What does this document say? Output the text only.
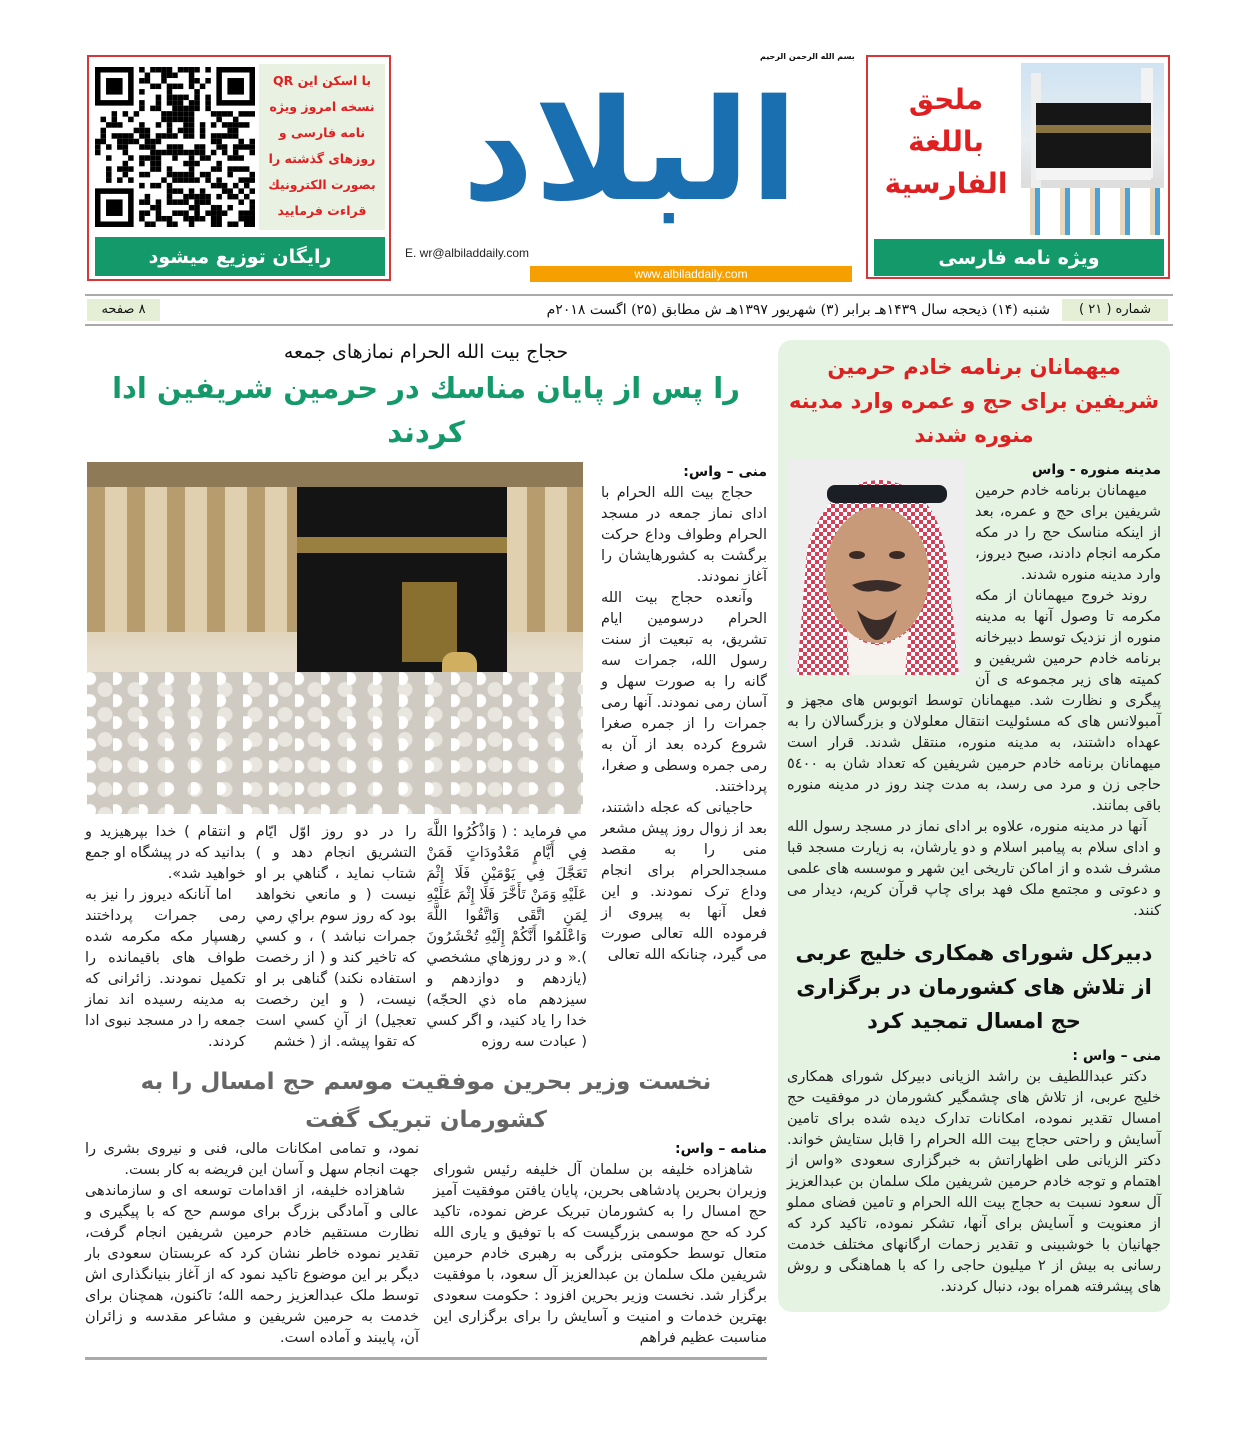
ملحق
باللغة
الفارسية
ویژه نامه فارسی
بسم الله الرحمن الرحيم
البلاد
E. wr@albiladdaily.com
www.albiladdaily.com
با اسکن این QR
نسخه امروز ویژه
نامه فارسی و
روزهای گذشته را
بصورت الکترونیك
قراءت فرمایید
رایگان توزیع میشود
شماره ( ۲۱ )
شنبه (۱۴) ذیحجه سال ۱۴۳۹هـ برابر (۳) شهریور ۱۳۹۷هـ ش مطابق (۲۵) اگست ۲۰۱۸م
۸ صفحه
میهمانان برنامه خادم حرمین شریفین برای حج و عمره وارد مدینه منوره شدند
مدینه منوره - واس

میهمانان برنامه خادم حرمین شریفین برای حج و عمره، بعد از اینکه مناسک حج را در مکه مکرمه انجام دادند، صبح دیروز، وارد مدینه منوره شدند.

روند خروج میهمانان از مکه مکرمه تا وصول آنها به مدینه منوره از نزدیک توسط دبیرخانه برنامه خادم حرمین شریفین و کمیته های زیر مجموعه ی آن پیگری و نظارت شد. میهمانان توسط اتوبوس های مجهز و آمبولانس های که مسئولیت انتقال معلولان و بزرگسالان را به عهداه داشتند، به مدینه منوره، منتقل شدند. قرار است میهمانان برنامه خادم حرمین شریفین که تعداد شان به ٥٤٠٠ حاجی زن و مرد می رسد، به مدت چند روز در مدینه منوره باقی بمانند.

آنها در مدینه منوره، علاوه بر ادای نماز در مسجد رسول الله و ادای سلام به پیامبر اسلام و دو یارشان، به زیارت مسجد قبا مشرف شده و از اماکن تاریخی این شهر و موسسه های علمی و دعوتی و مجتمع ملک فهد برای چاپ قرآن کریم، دیدار می کنند.

دبیرکل شورای همکاری خلیج عربی از تلاش های کشورمان در برگزاری حج امسال تمجید کرد
منی – واس :

دکتر عبداللطیف بن راشد الزیانی دبیرکل شورای همکاری خلیج عربی، از تلاش های چشمگیر کشورمان در موفقیت حج امسال تقدیر نموده، امکانات تدارک دیده شده برای تامین آسایش و راحتی حجاج بیت الله الحرام را قابل ستایش خواند. دکتر الزیانی طی اظهاراتش به خبرگزاری سعودی «واس از اهتمام و توجه خادم حرمین شریفین ملک سلمان بن عبدالعزیز آل سعود نسبت به حجاج بیت الله الحرام و تامین فضای مملو از معنویت و آسایش برای آنها، تشکر نموده، تاکید کرد که جهانیان با خوشبینی و تقدیر زحمات ارگانهای مختلف خدمت رسانی به بیش از ۲ میلیون حاجی را که با هماهنگی و روش های پیشرفته همراه بود، دنبال کردند.

حجاج بیت الله الحرام نمازهای جمعه
را پس از پایان مناسك در حرمین شریفین ادا کردند
منی – واس:

حجاج بیت الله الحرام با ادای نماز جمعه در مسجد الحرام وطواف وداع حرکت برگشت به کشورهایشان را آغاز نمودند.

وآنعده حجاج بیت الله الحرام درسومین ایام تشریق، به تبعیت از سنت رسول الله، جمرات سه گانه را به صورت سهل و آسان رمی نمودند. آنها رمی جمرات را از جمره صغرا شروع کرده بعد از آن به رمی جمره وسطی و صغرا، پرداختند.

حاجیانی که عجله داشتند، بعد از زوال روز پیش مشعر منی را به مقصد مسجدالحرام برای انجام وداع ترک نمودند. و این فعل آنها به پیروی از فرموده الله تعالی صورت می گیرد، چنانکه الله تعالی

مي فرمايد : ( وَاذْكُرُوا اللَّهَ فِي أَيَّامٍ مَعْدُودَاتٍ فَمَنْ تَعَجَّلَ فِي يَوْمَيْنِ فَلَا إِثْمَ عَلَيْهِ وَمَنْ تَأَخَّرَ فَلَا إِثْمَ عَلَيْهِ لِمَنِ اتَّقَى وَاتَّقُوا اللَّهَ وَاعْلَمُوا أَنَّكُمْ إِلَيْهِ تُحْشَرُونَ ).« و در روزهاي مشخصي (يازدهم و دوازدهم و سيزدهم ماه ذي الحجّه) خدا را ياد كنيد، و اگر كسي ( عبادت سه روزه
را در دو روز اوّل ايّام التشريق انجام دهد و ) شتاب نمايد ، گناهي بر او نيست ( و مانعي نخواهد بود كه روز سوم براي رمي جمرات نباشد ) ، و كسي كه تاخير كند و ( از رخصت استفاده نكند) گناهی بر او نيست، ( و اين رخصت تعجيل) از آنِ كسي است كه تقوا پيشه. از ( خشم
و انتقام ) خدا بپرهيزيد و بدانيد كه در پيشگاه او جمع خواهيد شد».

اما آنانکه دیروز را نیز به رمی جمرات پرداختند رهسپار مکه مکرمه شده طواف های باقیمانده را تکمیل نمودند. زائرانی که به مدینه رسیده اند نماز جمعه را در مسجد نبوی ادا کردند.

نخست وزیر بحرین موفقیت موسم حج امسال را به کشورمان تبریک گفت
منامه – واس:

شاهزاده خلیفه بن سلمان آل خلیفه رئیس شورای وزیران بحرین پادشاهی بحرین، پایان یافتن موفقیت آمیز حج امسال را به کشورمان تبریک عرض نموده، تاکید کرد که حج موسمی بزرگیست که با توفیق و یاری الله متعال توسط حکومتی بزرگی به رهبری خادم حرمین شریفین ملک سلمان بن عبدالعزیز آل سعود، با موفقیت برگزار شد. نخست وزیر بحرین افزود : حکومت سعودی بهترین خدمات و امنیت و آسایش را برای برگزاری این مناسبت عظیم فراهم

نمود، و تمامی امکانات مالی، فنی و نیروی بشری را جهت انجام سهل و آسان این فریضه به کار بست.

شاهزاده خلیفه، از اقدامات توسعه ای و سازماندهی عالی و آمادگی بزرگ برای موسم حج که با پیگیری و نظارت مستقیم خادم حرمین شریفین انجام گرفت، تقدیر نموده خاطر نشان کرد که عربستان سعودی بار دیگر بر این موضوع تاکید نمود که از آغاز بنیانگذاری اش توسط ملک عبدالعزیز رحمه الله؛ تاکنون، همچنان برای خدمت به حرمین شریفین و مشاعر مقدسه و زائران آن، پایبند و آماده است.
